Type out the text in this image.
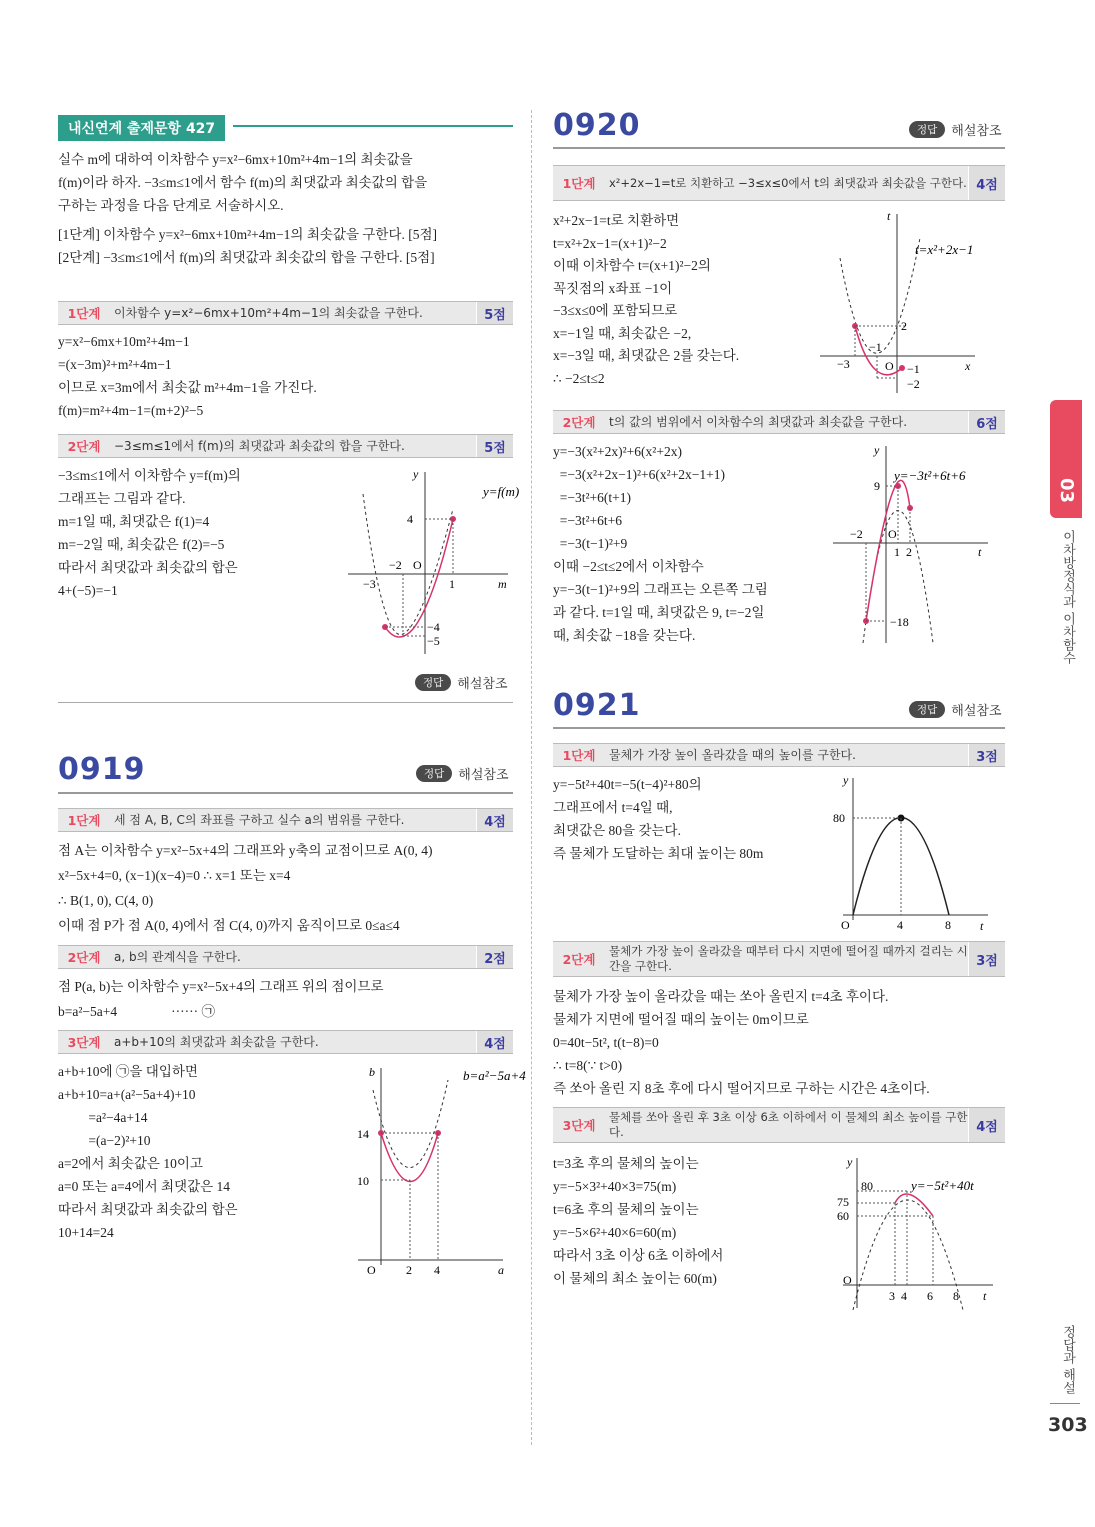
내신연계 출제문항 427

실수 m에 대하여 이차함수 y=x²−6mx+10m²+4m−1의 최솟값을

f(m)이라 하자. −3≤m≤1에서 함수 f(m)의 최댓값과 최솟값의 합을

구하는 과정을 다음 단계로 서술하시오.

[1단계] 이차함수 y=x²−6mx+10m²+4m−1의 최솟값을 구한다. [5점]

[2단계] −3≤m≤1에서 f(m)의 최댓값과 최솟값의 합을 구한다. [5점]

1단계	이차함수 y=x²−6mx+10m²+4m−1의 최솟값을 구한다.	5점

y=x²−6mx+10m²+4m−1

=(x−3m)²+m²+4m−1

이므로 x=3m에서 최솟값 m²+4m−1을 가진다.

f(m)=m²+4m−1=(m+2)²−5

2단계	−3≤m≤1에서 f(m)의 최댓값과 최솟값의 합을 구한다.	5점

−3≤m≤1에서 이차함수 y=f(m)의

그래프는 그림과 같다.

m=1일 때, 최댓값은 f(1)=4

m=−2일 때, 최솟값은 f(2)=−5

따라서 최댓값과 최솟값의 합은

4+(−5)=−1

y=f(m)
y
m
4
−2 O
−3	1
−4
−5
정답	해설참조
0919	정답	해설참조
1단계	세 점 A, B, C의 좌표를 구하고 실수 a의 범위를 구한다.	4점

점 A는 이차함수 y=x²−5x+4의 그래프와 y축의 교점이므로 A(0, 4)

x²−5x+4=0, (x−1)(x−4)=0 ∴ x=1 또는 x=4

∴ B(1, 0), C(4, 0)

이때 점 P가 점 A(0, 4)에서 점 C(4, 0)까지 움직이므로 0≤a≤4

2단계	a, b의 관계식을 구한다.	2점

점 P(a, b)는 이차함수 y=x²−5x+4의 그래프 위의 점이므로

b=a²−5a+4                ······ ㉠

3단계	a+b+10의 최댓값과 최솟값을 구한다.	4점

a+b+10에 ㉠을 대입하면

a+b+10=a+(a²−5a+4)+10

=a²−4a+14

=(a−2)²+10

a=2에서 최솟값은 10이고

a=0 또는 a=4에서 최댓값은 14

따라서 최댓값과 최솟값의 합은

10+14=24

b=a²−5a+4
b
a
14
10
O	2 4
0920	정답	해설참조
1단계	x²+2x−1=t로 치환하고 −3≤x≤0에서 t의 최댓값과 최솟값을 구한다. 4점

x²+2x−1=t로 치환하면

t=x²+2x−1=(x+1)²−2

이때 이차함수 t=(x+1)²−2의

꼭짓점의 x좌표 −1이

−3≤x≤0에 포함되므로

x=−1일 때, 최솟값은 −2,

x=−3일 때, 최댓값은 2를 갖는다.

∴ −2≤t≤2

t=x²+2x−1
t
x
2
−1
−3	O −1
−2
2단계	t의 값의 범위에서 이차함수의 최댓값과 최솟값을 구한다.	6점

y=−3(x²+2x)²+6(x²+2x)

=−3(x²+2x−1)²+6(x²+2x−1+1)

=−3t²+6(t+1)

=−3t²+6t+6

=−3(t−1)²+9

이때 −2≤t≤2에서 이차함수

y=−3(t−1)²+9의 그래프는 오른쪽 그림

과 같다. t=1일 때, 최댓값은 9, t=−2일

때, 최솟값 −18을 갖는다.

y=−3t²+6t+6
y
t
9
−2 O
1 2
−18
0921	정답	해설참조
1단계	물체가 가장 높이 올라갔을 때의 높이를 구한다.	3점

y=−5t²+40t=−5(t−4)²+80의

그래프에서 t=4일 때,

최댓값은 80을 갖는다.

즉 물체가 도달하는 최대 높이는 80m

y
t
80
O	4	8
2단계
물체가 가장 높이 올라갔을 때부터 다시 지면에 떨어질 때까지 걸리는 시간을 구한다.	3점

물체가 가장 높이 올라갔을 때는 쏘아 올린지 t=4초 후이다.

물체가 지면에 떨어질 때의 높이는 0m이므로

0=40t−5t², t(t−8)=0

∴ t=8(∵ t>0)

즉 쏘아 올린 지 8초 후에 다시 떨어지므로 구하는 시간은 4초이다.

3단계
물체를 쏘아 올린 후 3초 이상 6초 이하에서 이 물체의 최소 높이를 구한다.	4점

t=3초 후의 물체의 높이는

y=−5×3²+40×3=75(m)

t=6초 후의 물체의 높이는

y=−5×6²+40×6=60(m)

따라서 3초 이상 6초 이하에서

이 물체의 최소 높이는 60(m)

y=−5t²+40t
y
t
80
75
60
O
3 4 6 8
03
이차방정식과 이차함수
정답과 해설
303
